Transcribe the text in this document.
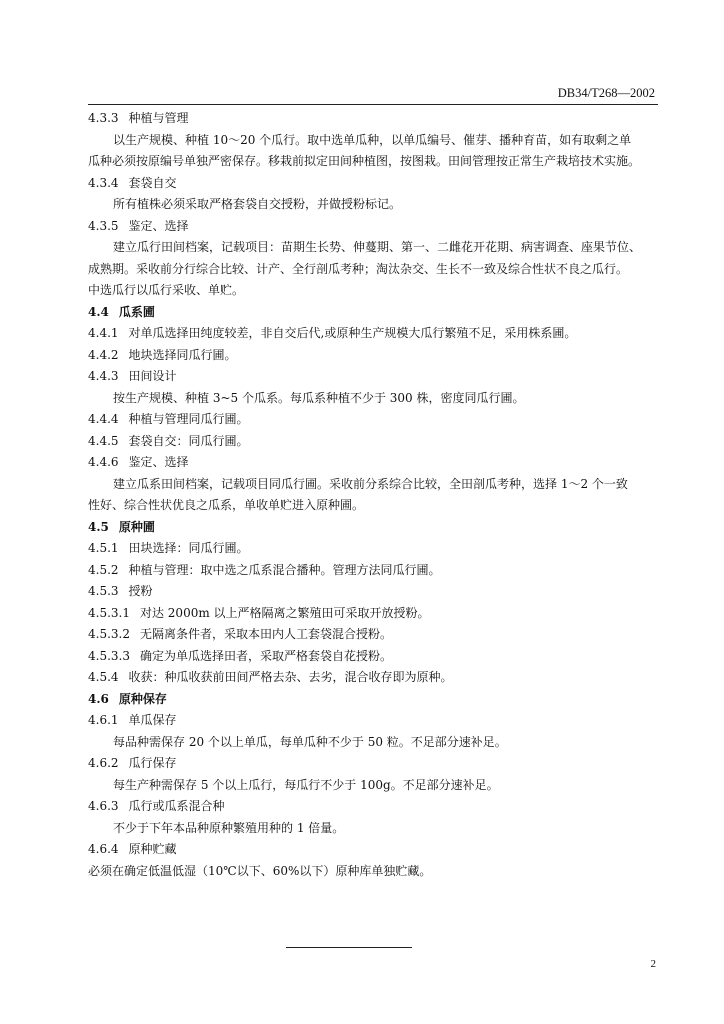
DB34/T268—2002
4.3.3 种植与管理
以生产规模、种植 10～20 个瓜行。取中选单瓜种，以单瓜编号、催芽、播种育苗，如有取剩之单
瓜种必须按原编号单独严密保存。移栽前拟定田间种植图，按图栽。田间管理按正常生产栽培技术实施。
4.3.4 套袋自交
所有植株必须采取严格套袋自交授粉，并做授粉标记。
4.3.5 鉴定、选择
建立瓜行田间档案，记载项目：苗期生长势、伸蔓期、第一、二雌花开花期、病害调查、座果节位、
成熟期。采收前分行综合比较、计产、全行剖瓜考种；淘汰杂交、生长不一致及综合性状不良之瓜行。
中选瓜行以瓜行采收、单贮。
4.4 瓜系圃
4.4.1 对单瓜选择田纯度较差，非自交后代,或原种生产规模大瓜行繁殖不足，采用株系圃。
4.4.2 地块选择同瓜行圃。
4.4.3 田间设计
按生产规模、种植 3~5 个瓜系。每瓜系种植不少于 300 株，密度同瓜行圃。
4.4.4 种植与管理同瓜行圃。
4.4.5 套袋自交：同瓜行圃。
4.4.6 鉴定、选择
建立瓜系田间档案，记载项目同瓜行圃。采收前分系综合比较，全田剖瓜考种，选择 1～2 个一致
性好、综合性状优良之瓜系，单收单贮进入原种圃。
4.5 原种圃
4.5.1 田块选择：同瓜行圃。
4.5.2 种植与管理：取中选之瓜系混合播种。管理方法同瓜行圃。
4.5.3 授粉
4.5.3.1 对达 2000m 以上严格隔离之繁殖田可采取开放授粉。
4.5.3.2 无隔离条件者，采取本田内人工套袋混合授粉。
4.5.3.3 确定为单瓜选择田者，采取严格套袋自花授粉。
4.5.4 收获：种瓜收获前田间严格去杂、去劣，混合收存即为原种。
4.6 原种保存
4.6.1 单瓜保存
每品种需保存 20 个以上单瓜，每单瓜种不少于 50 粒。不足部分速补足。
4.6.2 瓜行保存
每生产种需保存 5 个以上瓜行，每瓜行不少于 100g。不足部分速补足。
4.6.3 瓜行或瓜系混合种
不少于下年本品种原种繁殖用种的 1 倍量。
4.6.4 原种贮藏
必须在确定低温低湿（10℃以下、60%以下）原种库单独贮藏。
2
